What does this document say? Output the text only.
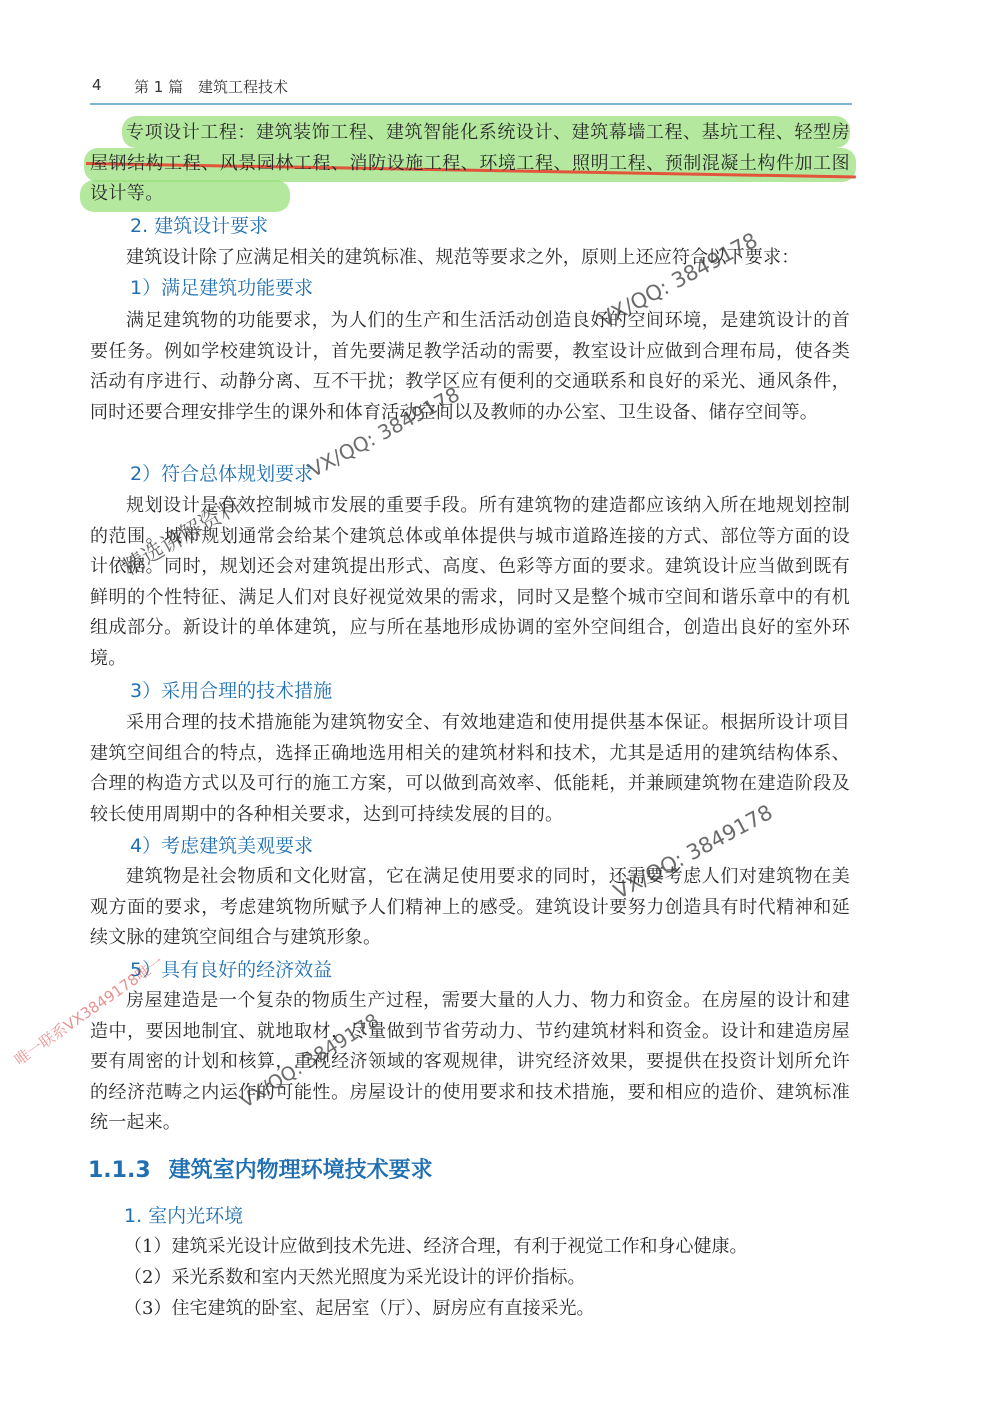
4 第 1 篇 建筑工程技术
专项设计工程：建筑装饰工程、建筑智能化系统设计、建筑幕墙工程、基坑工程、轻型房屋钢结构工程、风景园林工程、消防设施工程、环境工程、照明工程、预制混凝土构件加工图设计等。
2. 建筑设计要求
建筑设计除了应满足相关的建筑标准、规范等要求之外，原则上还应符合以下要求：
1）满足建筑功能要求
满足建筑物的功能要求，为人们的生产和生活活动创造良好的空间环境，是建筑设计的首要任务。例如学校建筑设计，首先要满足教学活动的需要，教室设计应做到合理布局，使各类活动有序进行、动静分离、互不干扰；教学区应有便利的交通联系和良好的采光、通风条件，同时还要合理安排学生的课外和体育活动空间以及教师的办公室、卫生设备、储存空间等。
2）符合总体规划要求
规划设计是有效控制城市发展的重要手段。所有建筑物的建造都应该纳入所在地规划控制的范围。城市规划通常会给某个建筑总体或单体提供与城市道路连接的方式、部位等方面的设计依据。同时，规划还会对建筑提出形式、高度、色彩等方面的要求。建筑设计应当做到既有鲜明的个性特征、满足人们对良好视觉效果的需求，同时又是整个城市空间和谐乐章中的有机组成部分。新设计的单体建筑，应与所在基地形成协调的室外空间组合，创造出良好的室外环境。
3）采用合理的技术措施
采用合理的技术措施能为建筑物安全、有效地建造和使用提供基本保证。根据所设计项目建筑空间组合的特点，选择正确地选用相关的建筑材料和技术，尤其是适用的建筑结构体系、合理的构造方式以及可行的施工方案，可以做到高效率、低能耗，并兼顾建筑物在建造阶段及较长使用周期中的各种相关要求，达到可持续发展的目的。
4）考虑建筑美观要求
建筑物是社会物质和文化财富，它在满足使用要求的同时，还需要考虑人们对建筑物在美观方面的要求，考虑建筑物所赋予人们精神上的感受。建筑设计要努力创造具有时代精神和延续文脉的建筑空间组合与建筑形象。
5）具有良好的经济效益
房屋建造是一个复杂的物质生产过程，需要大量的人力、物力和资金。在房屋的设计和建造中，要因地制宜、就地取材，尽量做到节省劳动力、节约建筑材料和资金。设计和建造房屋要有周密的计划和核算，重视经济领域的客观规律，讲究经济效果，要提供在投资计划所允许的经济范畴之内运作的可能性。房屋设计的使用要求和技术措施，要和相应的造价、建筑标准统一起来。
1.1.3 建筑室内物理环境技术要求
1. 室内光环境
（1）建筑采光设计应做到技术先进、经济合理，有利于视觉工作和身心健康。
（2）采光系数和室内天然光照度为采光设计的评价指标。
（3）住宅建筑的卧室、起居室（厅）、厨房应有直接采光。
VX/QQ: 3849178
VX/QQ: 3849178
精选讲解资料
VX/QQ: 3849178
唯一联系VX3849178唯一	VX/QQ: 3849178
